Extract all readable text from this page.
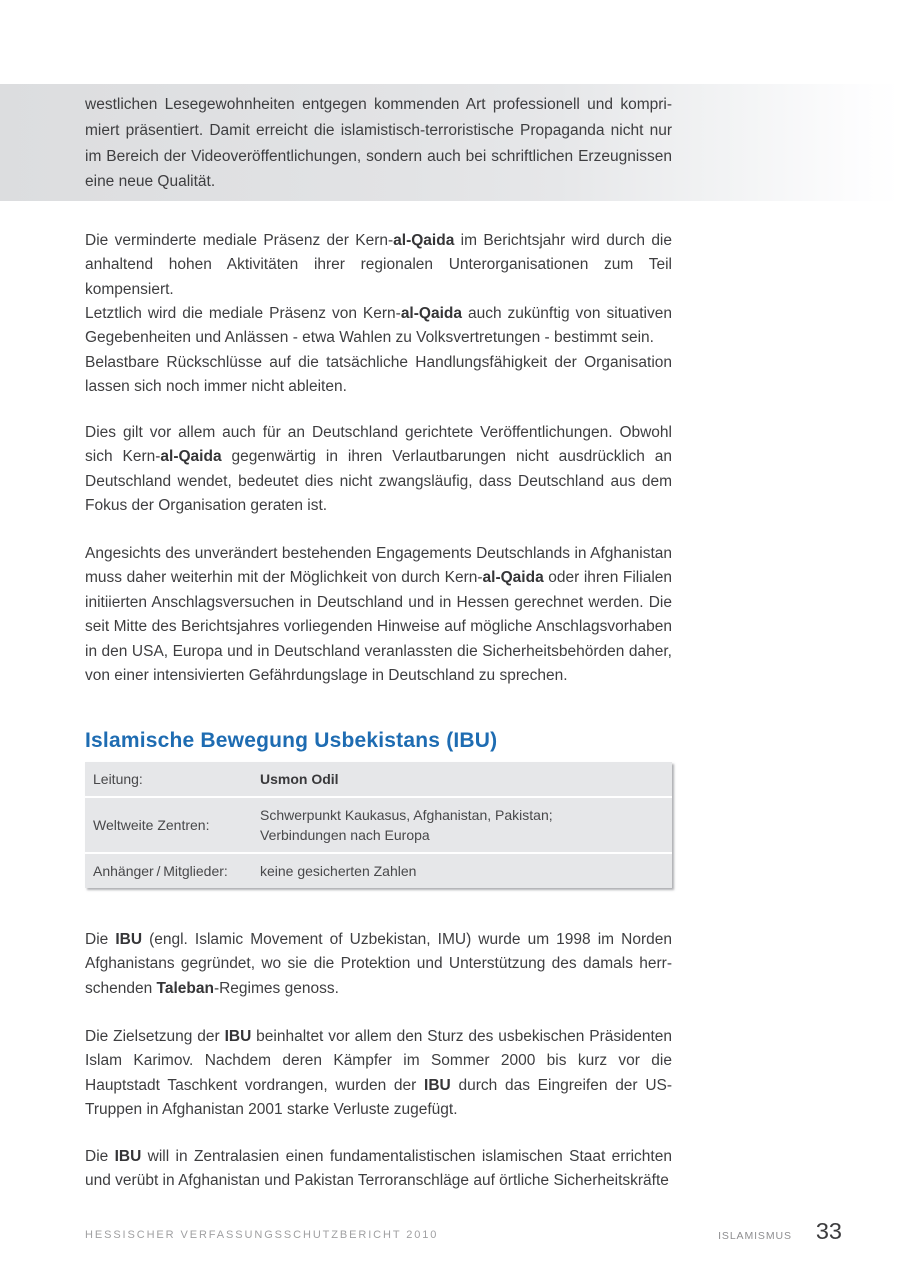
westlichen Lesegewohnheiten entgegen kommenden Art professionell und komprimiert präsentiert. Damit erreicht die islamistisch-terroristische Propaganda nicht nur im Bereich der Videoveröffentlichungen, sondern auch bei schriftlichen Erzeugnissen eine neue Qualität.

Die verminderte mediale Präsenz der Kern-al-Qaida im Berichtsjahr wird durch die anhaltend hohen Aktivitäten ihrer regionalen Unterorganisationen zum Teil kompensiert.

Letztlich wird die mediale Präsenz von Kern-al-Qaida auch zukünftig von situativen Gegebenheiten und Anlässen - etwa Wahlen zu Volksvertretungen - bestimmt sein.
Belastbare Rückschlüsse auf die tatsächliche Handlungsfähigkeit der Organisation lassen sich noch immer nicht ableiten.

Dies gilt vor allem auch für an Deutschland gerichtete Veröffentlichungen. Obwohl sich Kern-al-Qaida gegenwärtig in ihren Verlautbarungen nicht ausdrücklich an Deutschland wendet, bedeutet dies nicht zwangsläufig, dass Deutschland aus dem Fokus der Organisation geraten ist.

Angesichts des unverändert bestehenden Engagements Deutschlands in Afghanistan muss daher weiterhin mit der Möglichkeit von durch Kern-al-Qaida oder ihren Filialen initiierten Anschlagsversuchen in Deutschland und in Hessen gerechnet werden. Die seit Mitte des Berichtsjahres vorliegenden Hinweise auf mögliche Anschlagsvorhaben in den USA, Europa und in Deutschland veranlassten die Sicherheitsbehörden daher, von einer intensivierten Gefährdungslage in Deutschland zu sprechen.

Islamische Bewegung Usbekistans (IBU)
Leitung:	Usmon Odil
Weltweite Zentren:
Schwerpunkt Kaukasus, Afghanistan, Pakistan;
Verbindungen nach Europa
Anhänger / Mitglieder:	keine gesicherten Zahlen

Die IBU (engl. Islamic Movement of Uzbekistan, IMU) wurde um 1998 im Norden Afghanistans gegründet, wo sie die Protektion und Unterstützung des damals herrschenden Taleban-Regimes genoss.

Die Zielsetzung der IBU beinhaltet vor allem den Sturz des usbekischen Präsidenten Islam Karimov. Nachdem deren Kämpfer im Sommer 2000 bis kurz vor die Hauptstadt Taschkent vordrangen, wurden der IBU durch das Eingreifen der US-Truppen in Afghanistan 2001 starke Verluste zugefügt.

Die IBU will in Zentralasien einen fundamentalistischen islamischen Staat errichten und verübt in Afghanistan und Pakistan Terroranschläge auf örtliche Sicherheitskräfte

HESSISCHER VERFASSUNGSSCHUTZBERICHT 2010	ISLAMISMUS 33
